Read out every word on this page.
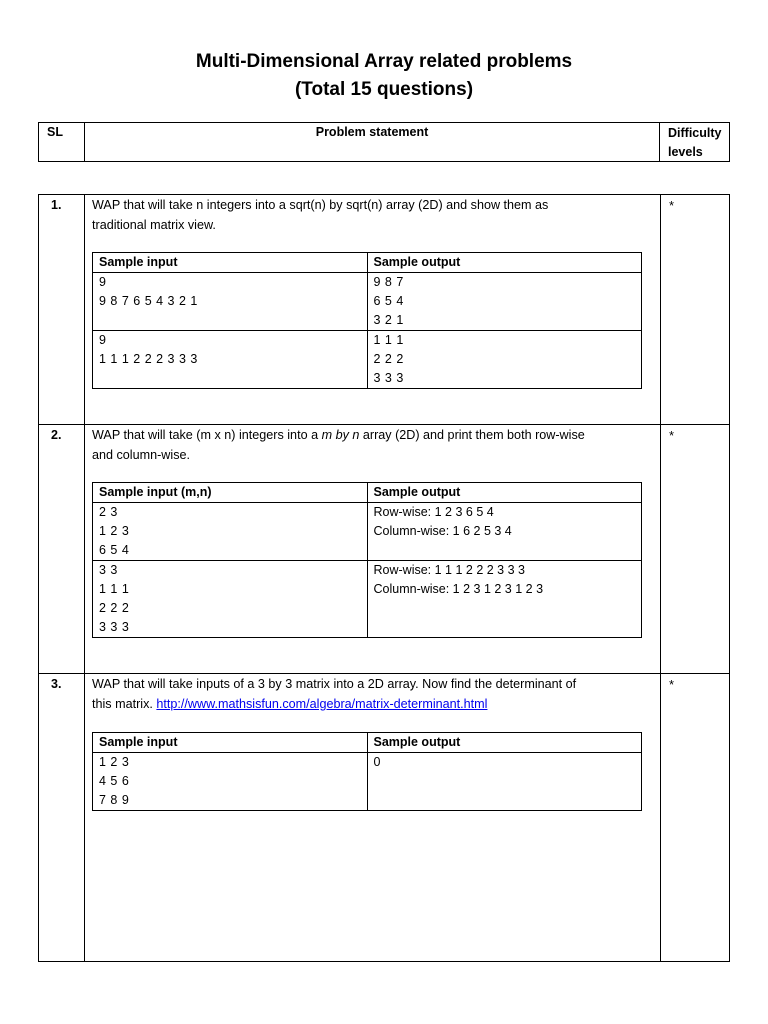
Multi-Dimensional Array related problems
(Total 15 questions)
SL	Problem statement	Difficulty
levels
1.	WAP that will take n integers into a sqrt(n) by sqrt(n) array (2D) and show them as
traditional matrix view.
Sample input	Sample output

9
9 8 7 6 5 4 3 2 1	9 8 7
6 5 4
3 2 1

9
1 1 1 2 2 2 3 3 3	1 1 1
2 2 2
3 3 3
*
2.	WAP that will take (m x n) integers into a m by n array (2D) and print them both row-wise
and column-wise.
Sample input (m,n)	Sample output

2 3
1 2 3
6 5 4	Row-wise: 1 2 3 6 5 4
Column-wise: 1 6 2 5 3 4

3 3
1 1 1
2 2 2
3 3 3	Row-wise: 1 1 1 2 2 2 3 3 3
Column-wise: 1 2 3 1 2 3 1 2 3
*
3.	WAP that will take inputs of a 3 by 3 matrix into a 2D array. Now find the determinant of
this matrix. http://www.mathsisfun.com/algebra/matrix-determinant.html
Sample input	Sample output

1 2 3
4 5 6
7 8 9	0
*
